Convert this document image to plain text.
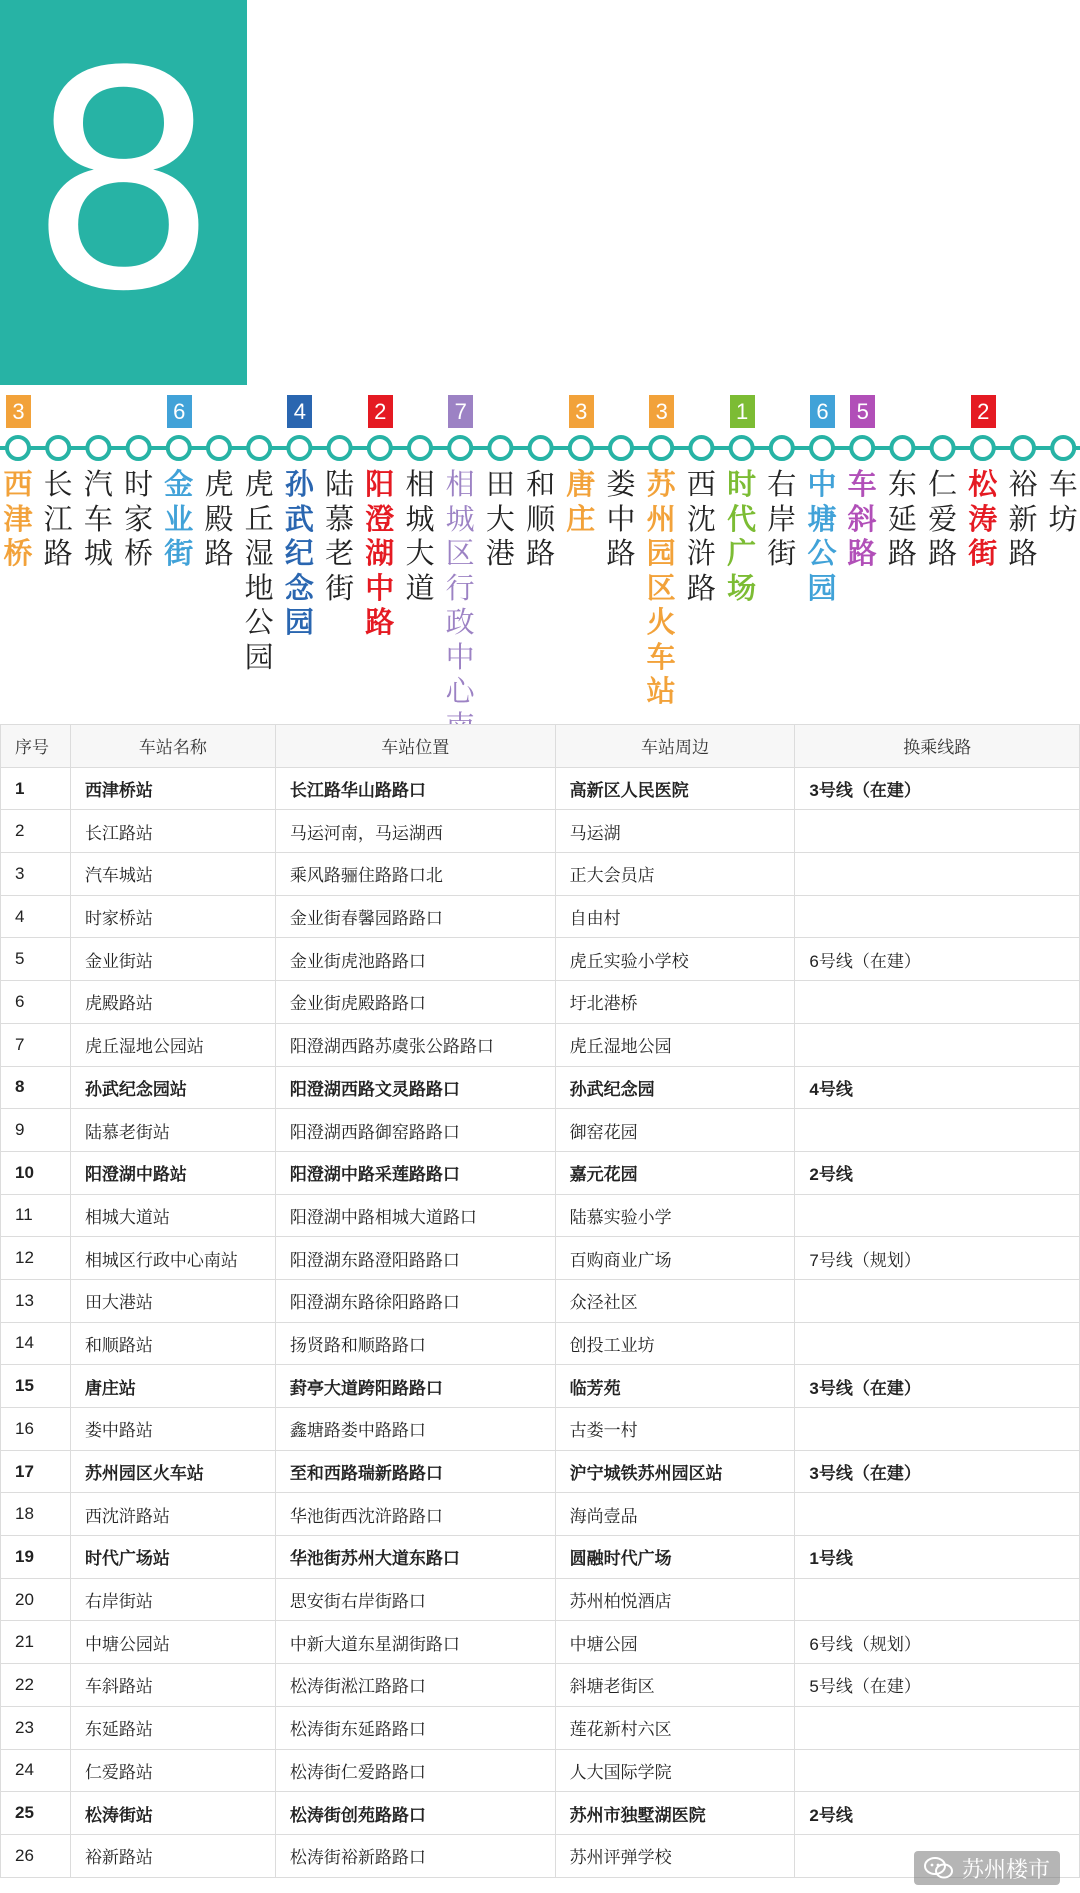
8
3	6	4	2	7	3	3	1	6 5	2
西津桥
长江路
汽车城
时家桥
金业街
虎殿路
虎丘湿地公园
孙武纪念园
陆慕老街
阳澄湖中路
相城大道
相城区行政中心
田大港
和顺路
唐庄
娄中路
苏州园区火车站
西沈浒路
时代广场
右岸街
中塘公园
车斜路
东延路
仁爱路
松涛街
裕新路
车坊
序号	车站名称	车站位置	车站周边	换乘线路
1	西津桥站	长江路华山路路口	高新区人民医院	3号线（在建）
2	长江路站	马运河南，马运湖西	马运湖	
3	汽车城站	乘风路骊住路路口北	正大会员店	
4	时家桥站	金业街春馨园路路口	自由村	
5	金业街站	金业街虎池路路口	虎丘实验小学校	6号线（在建）
6	虎殿路站	金业街虎殿路路口	圩北港桥	
7	虎丘湿地公园站	阳澄湖西路苏虞张公路路口	虎丘湿地公园	
8	孙武纪念园站	阳澄湖西路文灵路路口	孙武纪念园	4号线
9	陆慕老街站	阳澄湖西路御窑路路口	御窑花园	
10	阳澄湖中路站	阳澄湖中路采莲路路口	嘉元花园	2号线
11	相城大道站	阳澄湖中路相城大道路口	陆慕实验小学	
12	相城区行政中心南站	阳澄湖东路澄阳路路口	百购商业广场	7号线（规划）
13	田大港站	阳澄湖东路徐阳路路口	众泾社区	
14	和顺路站	扬贤路和顺路路口	创投工业坊	
15	唐庄站	葑亭大道跨阳路路口	临芳苑	3号线（在建）
16	娄中路站	鑫塘路娄中路路口	古娄一村	
17	苏州园区火车站	至和西路瑞新路路口	沪宁城铁苏州园区站	3号线（在建）
18	西沈浒路站	华池街西沈浒路路口	海尚壹品	
19	时代广场站	华池街苏州大道东路口	圆融时代广场	1号线
20	右岸街站	思安街右岸街路口	苏州柏悦酒店	
21	中塘公园站	中新大道东星湖街路口	中塘公园	6号线（规划）
22	车斜路站	松涛街淞江路路口	斜塘老街区	5号线（在建）
23	东延路站	松涛街东延路路口	莲花新村六区	
24	仁爱路站	松涛街仁爱路路口	人大国际学院	
25	松涛街站	松涛街创苑路路口	苏州市独墅湖医院	2号线
26	裕新路站	松涛街裕新路路口	苏州评弹学校		苏州楼市
